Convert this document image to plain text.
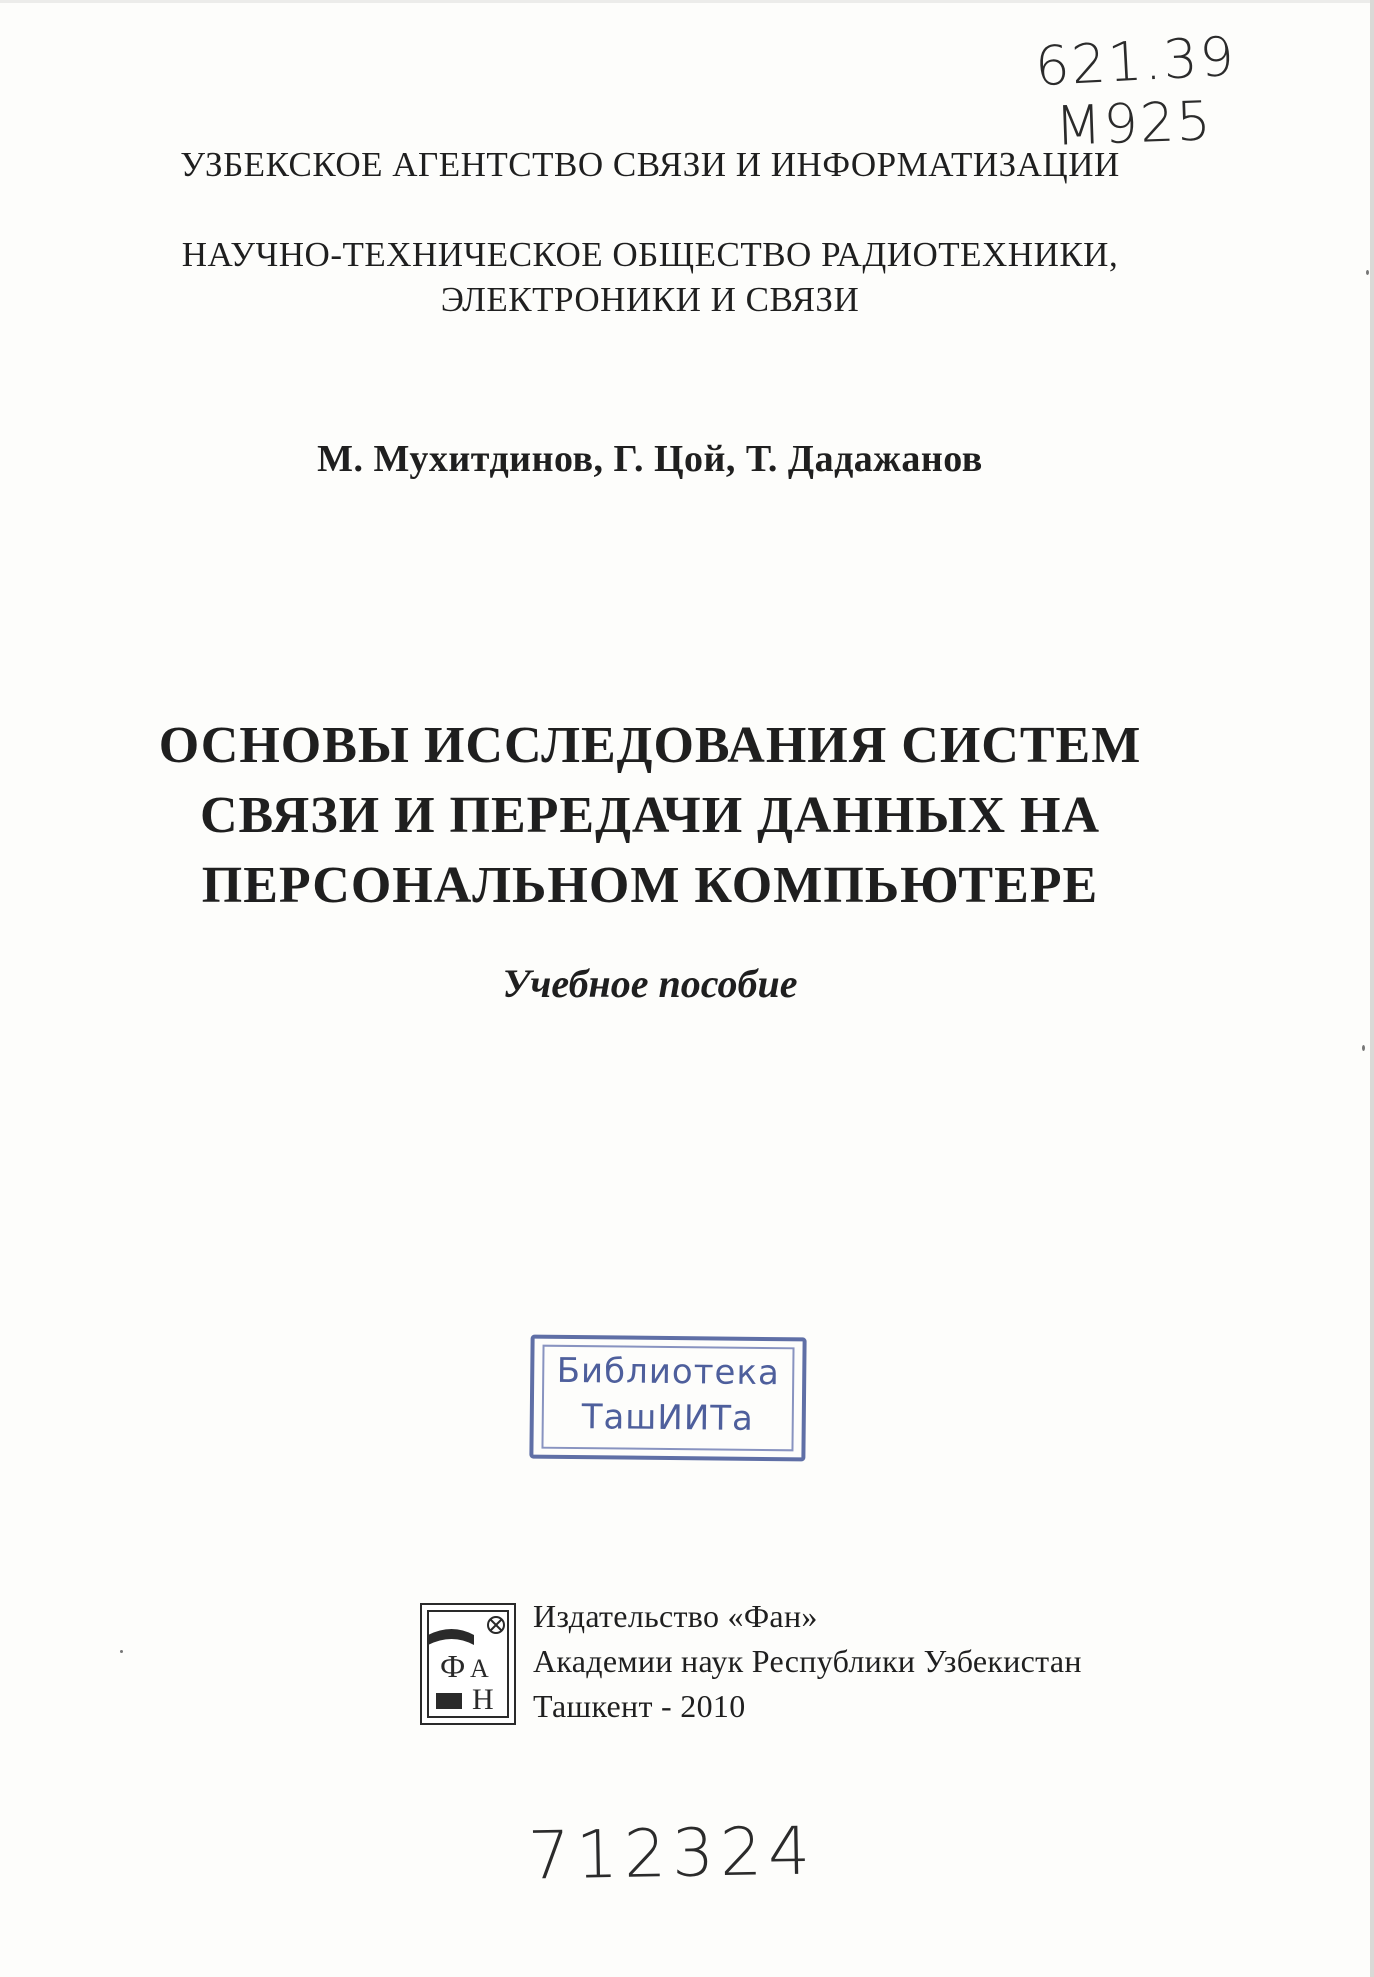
621.39
M925
УЗБЕКСКОЕ АГЕНТСТВО СВЯЗИ И ИНФОРМАТИЗАЦИИ
НАУЧНО-ТЕХНИЧЕСКОЕ ОБЩЕСТВО РАДИОТЕХНИКИ,
ЭЛЕКТРОНИКИ И СВЯЗИ
М. Мухитдинов, Г. Цой, Т. Дадажанов
ОСНОВЫ ИССЛЕДОВАНИЯ СИСТЕМ
СВЯЗИ И ПЕРЕДАЧИ ДАННЫХ НА
ПЕРСОНАЛЬНОМ КОМПЬЮТЕРЕ
Учебное пособие
Библиотека
ТашИИТа
Ф А
Н
Издательство «Фан»
Академии наук Республики Узбекистан
Ташкент - 2010
712324
